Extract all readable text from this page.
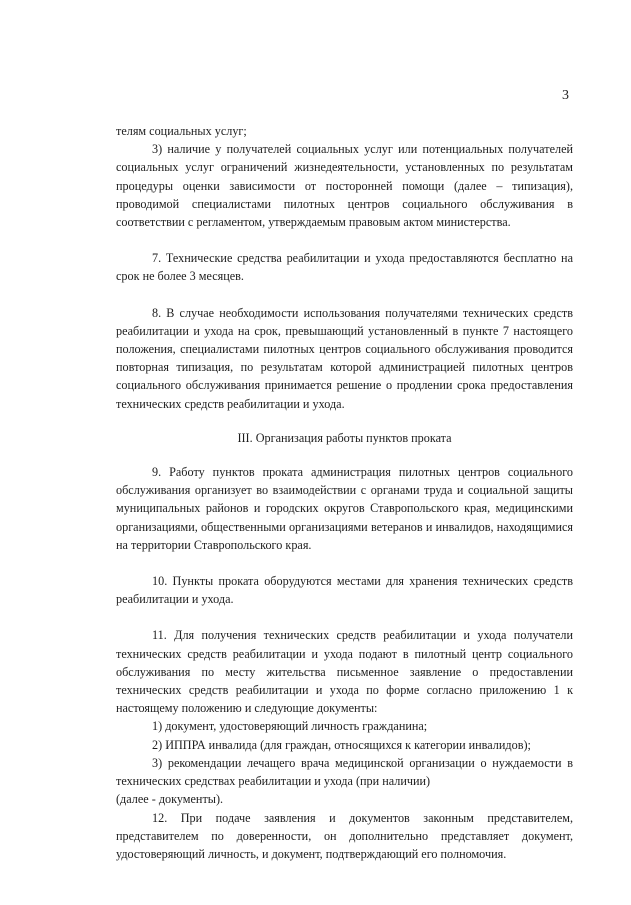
3

телям социальных услуг;

3) наличие у получателей социальных услуг или потенциальных получателей социальных услуг ограничений жизнедеятельности, установленных по результатам процедуры оценки зависимости от посторонней помощи (далее – типизация), проводимой специалистами пилотных центров социального обслуживания в соответствии с регламентом, утверждаемым правовым актом министерства.

7. Технические средства реабилитации и ухода предоставляются бесплатно на срок не более 3 месяцев.

8. В случае необходимости использования получателями технических средств реабилитации и ухода на срок, превышающий установленный в пункте 7 настоящего положения, специалистами пилотных центров социального обслуживания проводится повторная типизация, по результатам которой администрацией пилотных центров социального обслуживания принимается решение о продлении срока предоставления технических средств реабилитации и ухода.

III. Организация работы пунктов проката

9. Работу пунктов проката администрация пилотных центров социального обслуживания организует во взаимодействии с органами труда и социальной защиты муниципальных районов и городских округов Ставропольского края, медицинскими организациями, общественными организациями ветеранов и инвалидов, находящимися на территории Ставропольского края.

10. Пункты проката оборудуются местами для хранения технических средств реабилитации и ухода.

11. Для получения технических средств реабилитации и ухода получатели технических средств реабилитации и ухода подают в пилотный центр социального обслуживания по месту жительства письменное заявление о предоставлении технических средств реабилитации и ухода по форме согласно приложению 1 к настоящему положению и следующие документы:

1) документ, удостоверяющий личность гражданина;

2) ИППРА инвалида (для граждан, относящихся к категории инвалидов);

3) рекомендации лечащего врача медицинской организации о нуждаемости в технических средствах реабилитации и ухода (при наличии)

(далее - документы).

12. При подаче заявления и документов законным представителем, представителем по доверенности, он дополнительно представляет документ, удостоверяющий личность, и документ, подтверждающий его полномочия.
